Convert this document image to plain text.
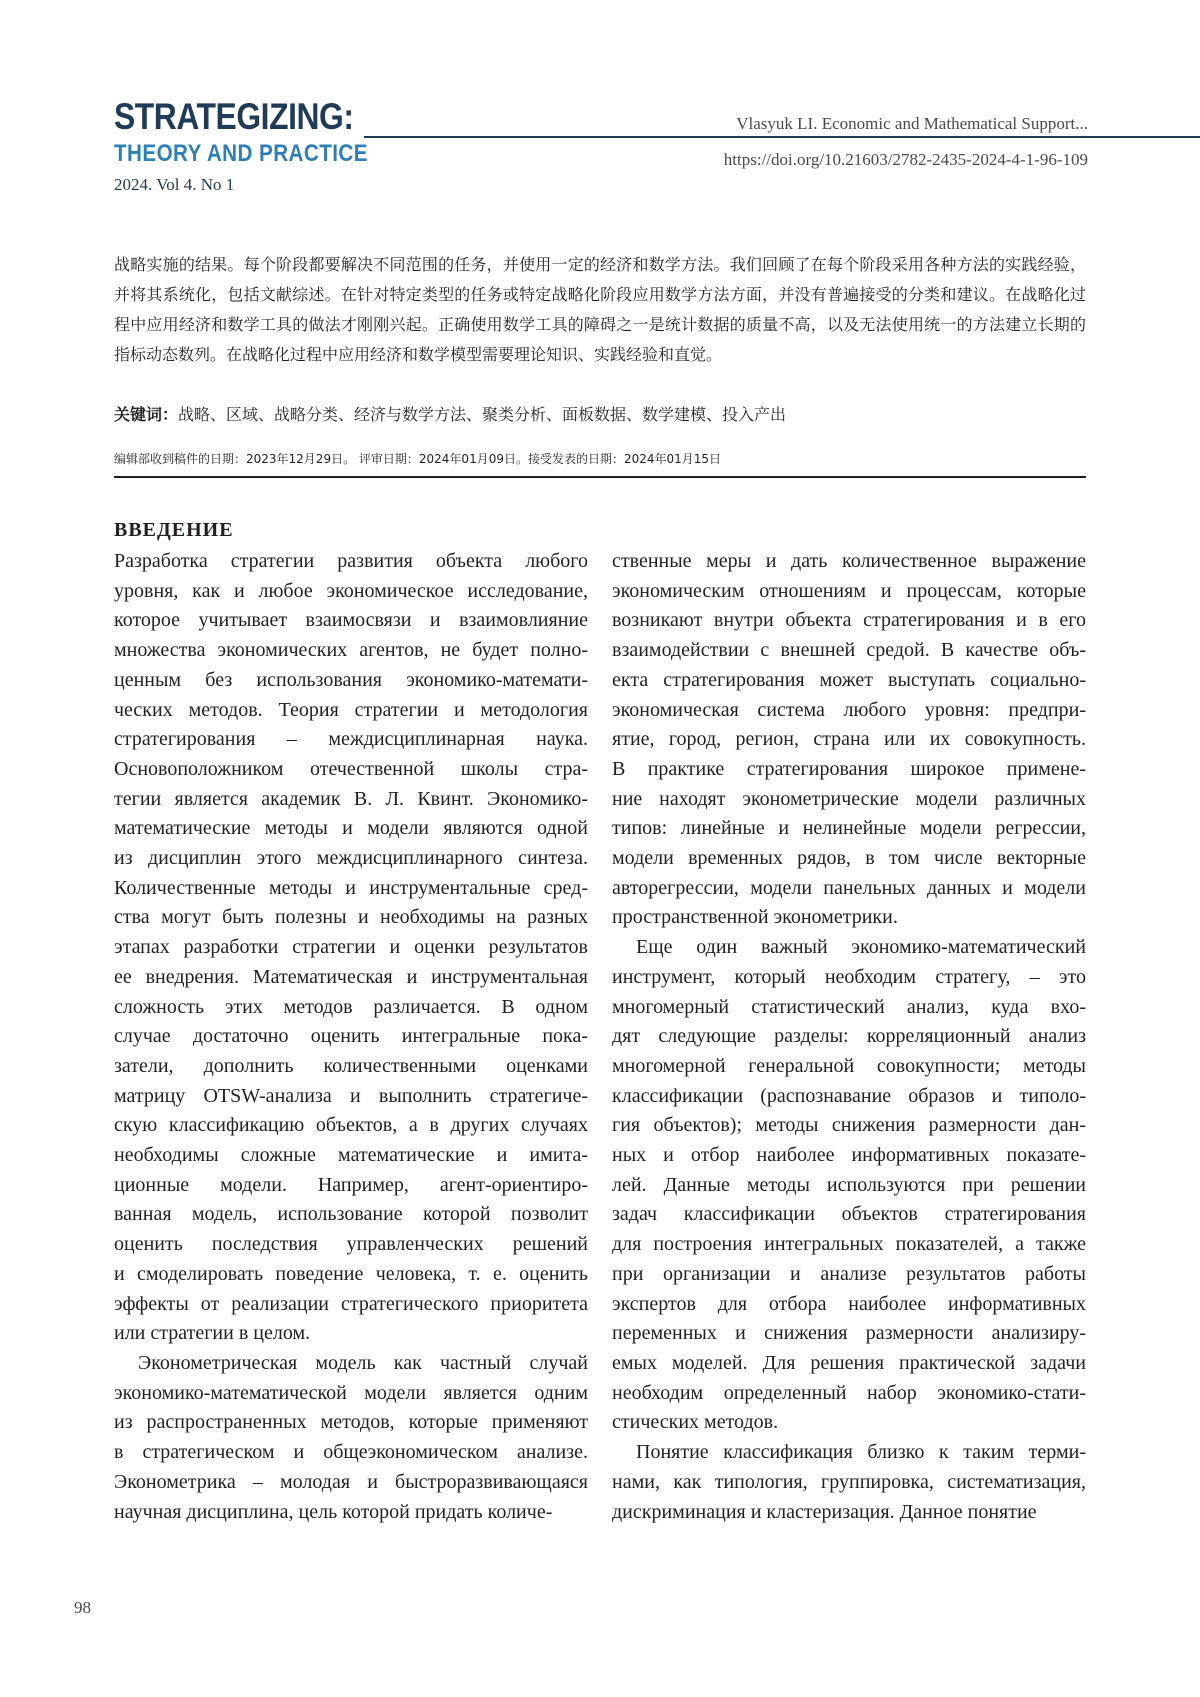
STRATEGIZING:
THEORY AND PRACTICE
2024. Vol 4. No 1
Vlasyuk LI. Economic and Mathematical Support...
https://doi.org/10.21603/2782-2435-2024-4-1-96-109

战略实施的结果。每个阶段都要解决不同范围的任务，并使用一定的经济和数学方法。我们回顾了在每个阶段采用各种方法的实践经验，并将其系统化，包括文献综述。在针对特定类型的任务或特定战略化阶段应用数学方法方面，并没有普遍接受的分类和建议。在战略化过程中应用经济和数学工具的做法才刚刚兴起。正确使用数学工具的障碍之一是统计数据的质量不高，以及无法使用统一的方法建立长期的指标动态数列。在战略化过程中应用经济和数学模型需要理论知识、实践经验和直觉。

关键词：战略、区域、战略分类、经济与数学方法、聚类分析、面板数据、数学建模、投入产出

编辑部收到稿件的日期：2023年12月29日。 评审日期：2024年01月09日。接受发表的日期：2024年01月15日
ВВЕДЕНИЕ

Разработка стратегии развития объекта любого
уровня, как и любое экономическое исследование,
которое учитывает взаимосвязи и взаимовлияние
множества экономических агентов, не будет полно-
ценным без использования экономико-математи-
ческих методов. Теория стратегии и методология
стратегирования – междисциплинарная наука.
Основоположником отечественной школы стра-
тегии является академик В. Л. Квинт. Экономико-
математические методы и модели являются одной
из дисциплин этого междисциплинарного синтеза.
Количественные методы и инструментальные сред-
ства могут быть полезны и необходимы на разных
этапах разработки стратегии и оценки результатов
ее внедрения. Математическая и инструментальная
сложность этих методов различается. В одном
случае достаточно оценить интегральные пока-
затели, дополнить количественными оценками
матрицу OTSW-анализа и выполнить стратегиче-
скую классификацию объектов, а в других случаях
необходимы сложные математические и имита-
ционные модели. Например, агент-ориентиро-
ванная модель, использование которой позволит
оценить последствия управленческих решений
и смоделировать поведение человека, т. е. оценить
эффекты от реализации стратегического приоритета
или стратегии в целом.

Эконометрическая модель как частный случай
экономико-математической модели является одним
из распространенных методов, которые применяют
в стратегическом и общеэкономическом анализе.
Эконометрика – молодая и быстроразвивающаяся
научная дисциплина, цель которой придать количе-

ственные меры и дать количественное выражение
экономическим отношениям и процессам, которые
возникают внутри объекта стратегирования и в его
взаимодействии с внешней средой. В качестве объ-
екта стратегирования может выступать социально-
экономическая система любого уровня: предпри-
ятие, город, регион, страна или их совокупность.
В практике стратегирования широкое примене-
ние находят эконометрические модели различных
типов: линейные и нелинейные модели регрессии,
модели временных рядов, в том числе векторные
авторегрессии, модели панельных данных и модели
пространственной эконометрики.

Еще один важный экономико-математический
инструмент, который необходим стратегу, – это
многомерный статистический анализ, куда вхо-
дят следующие разделы: корреляционный анализ
многомерной генеральной совокупности; методы
классификации (распознавание образов и типоло-
гия объектов); методы снижения размерности дан-
ных и отбор наиболее информативных показате-
лей. Данные методы используются при решении
задач классификации объектов стратегирования
для построения интегральных показателей, а также
при организации и анализе результатов работы
экспертов для отбора наиболее информативных
переменных и снижения размерности анализиру-
емых моделей. Для решения практической задачи
необходим определенный набор экономико-стати-
стических методов.

Понятие классификация близко к таким терми-
нами, как типология, группировка, систематизация,
дискриминация и кластеризация. Данное понятие

98
